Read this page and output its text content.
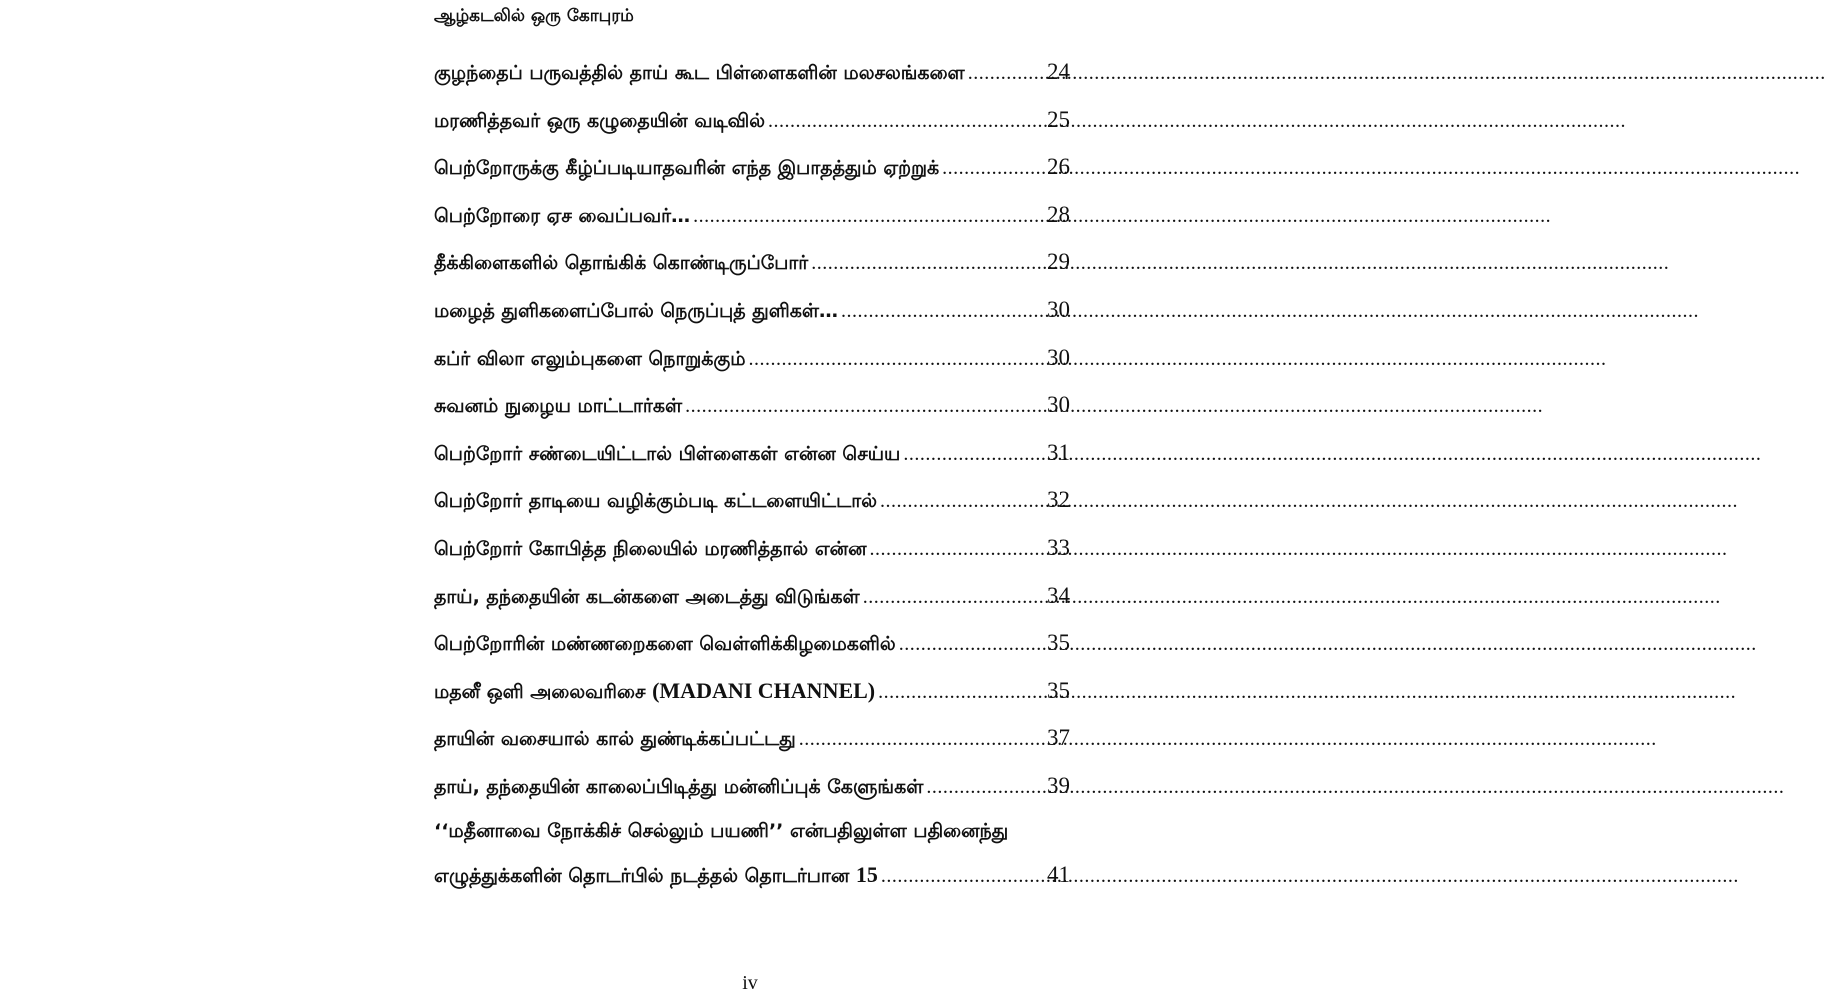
ஆழ்கடலில் ஒரு கோபுரம்
குழந்தைப் பருவத்தில் தாய் கூட பிள்ளைகளின் மலசலங்களை .....	24
மரணித்தவர் ஒரு கழுதையின் வடிவில் .....	25
பெற்றோருக்கு கீழ்ப்படியாதவரின் எந்த இபாதத்தும் ஏற்றுக் .....	26
பெற்றோரை ஏச வைப்பவர்… .....	28
தீக்கிளைகளில் தொங்கிக் கொண்டிருப்போர் .....	29
மழைத் துளிகளைப்போல் நெருப்புத் துளிகள்… .....	30
கப்ர் விலா எலும்புகளை நொறுக்கும் .....	30
சுவனம் நுழைய மாட்டார்கள் .....	30
பெற்றோர் சண்டையிட்டால் பிள்ளைகள் என்ன செய்ய .....	31
பெற்றோர் தாடியை வழிக்கும்படி கட்டளையிட்டால் .....	32
பெற்றோர் கோபித்த நிலையில் மரணித்தால் என்ன .....	33
தாய், தந்தையின் கடன்களை அடைத்து விடுங்கள் .....	34
பெற்றோரின் மண்ணறைகளை வெள்ளிக்கிழமைகளில் .....	35
மதனீ ஒளி அலைவரிசை (MADANI CHANNEL) .....	35
தாயின் வசையால் கால் துண்டிக்கப்பட்டது .....	37
தாய், தந்தையின் காலைப்பிடித்து மன்னிப்புக் கேளுங்கள் .....	39
‘‘மதீனாவை நோக்கிச் செல்லும் பயணி’’ என்பதிலுள்ள பதினைந்து
எழுத்துக்களின் தொடர்பில் நடத்தல் தொடர்பான 15 .....	41
iv
